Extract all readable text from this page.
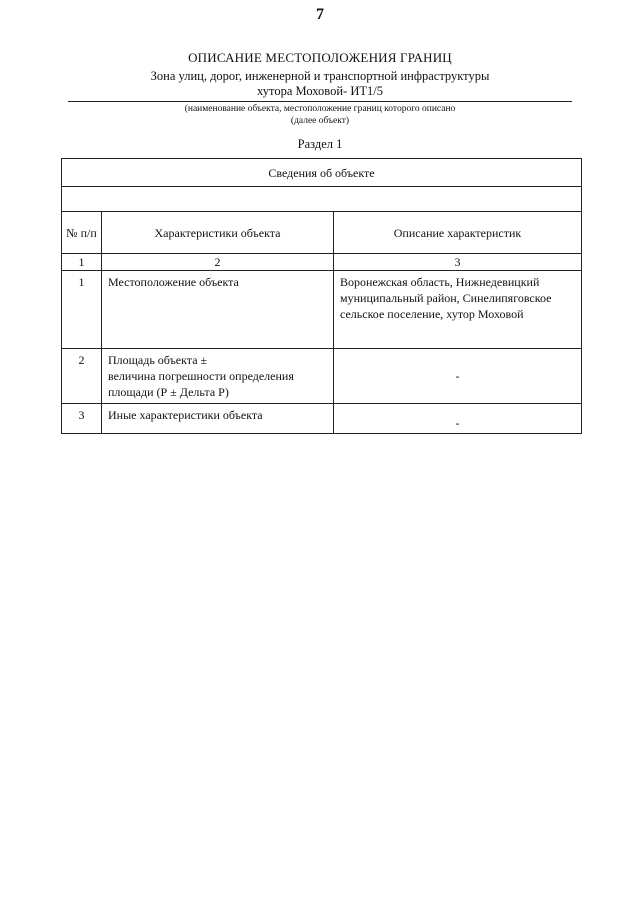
7
ОПИСАНИЕ МЕСТОПОЛОЖЕНИЯ ГРАНИЦ
Зона улиц, дорог, инженерной и транспортной инфраструктуры
хутора Моховой- ИТ1/5
(наименование объекта, местоположение границ которого описано
(далее объект)
Раздел 1
Сведения об объекте		

№ п/п	Характеристики объекта	Описание характеристик
1	2	3

1	Местоположение объекта	Воронежская область, Нижнедевицкий муниципальный район, Синелипяговское сельское поселение, хутор Моховой

2	Площадь объекта ±
величина погрешности определения площади (Р ± Дельта Р)	-

3	Иные характеристики объекта	-
